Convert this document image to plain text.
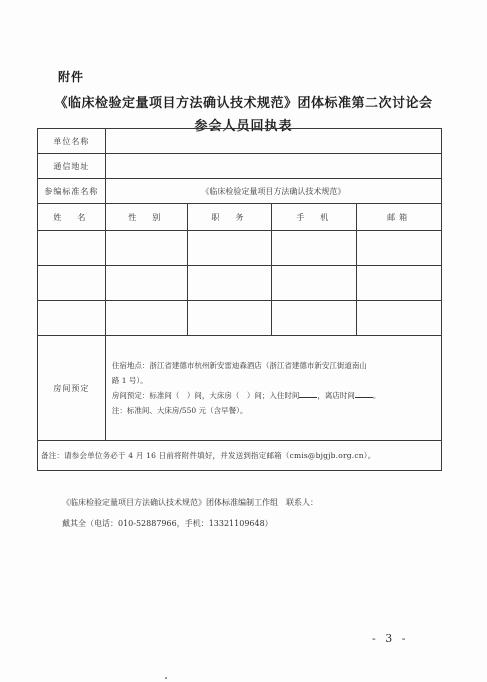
附件
《临床检验定量项目方法确认技术规范》团体标准第二次讨论会
参会人员回执表
单位名称				
通信地址				
参编标准名称	《临床检验定量项目方法确认技术规范》			
姓　名	性　别	职　务	手　机	邮箱

房间预定	住宿地点：浙江省建德市杭州新安雷迪森酒店（浙江省建德市新安江街道南山
路 1 号）。
房间预定：标准间（　）间，大床房（　）间；入住时间 ，离店时间 。
注：标准间、大床房/550 元（含早餐）。			

备注：请参会单位务必于 4 月 16 日前将附件填好，并发送到指定邮箱（cmis@bjgjb.org.cn）。				
《临床检验定量项目方法确认技术规范》团体标准编制工作组　联系人：
戴其全（电话：010-52887966，手机：13321109648）
- 3 -
